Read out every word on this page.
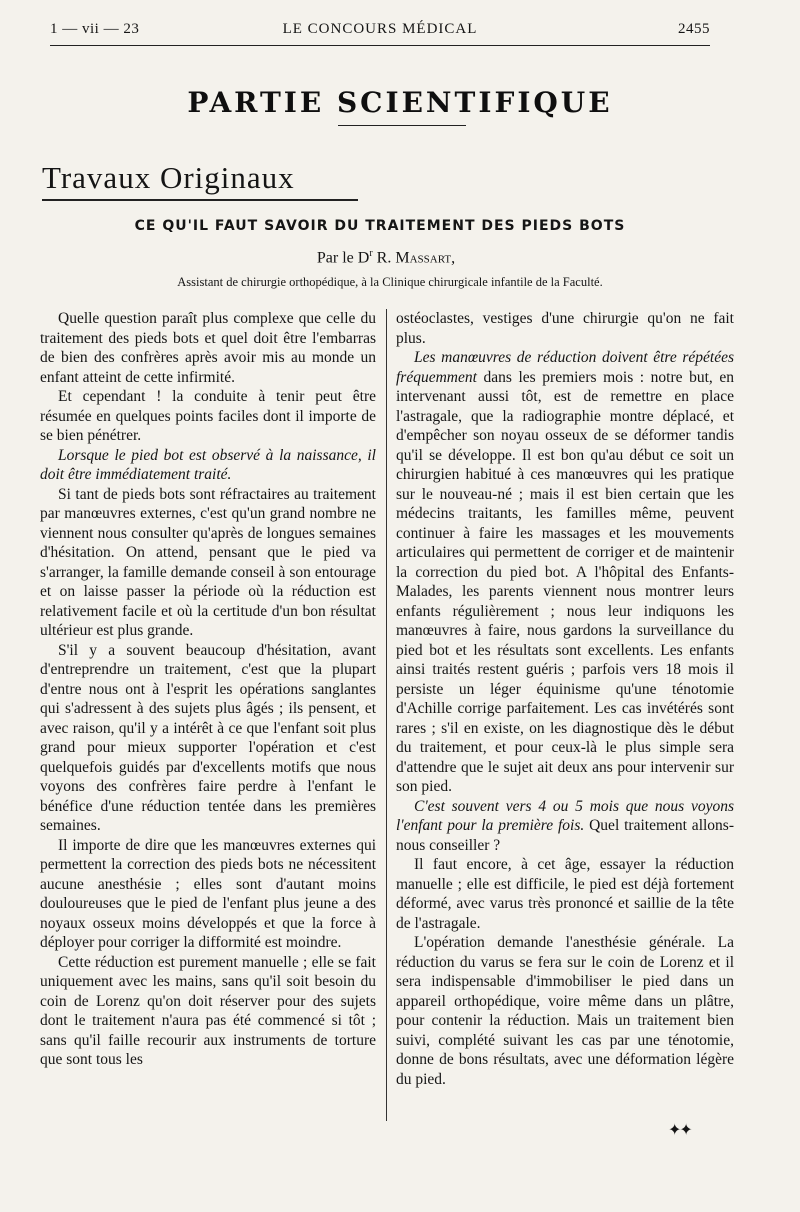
1 — vii — 23	LE CONCOURS MÉDICAL	2455
PARTIE SCIENTIFIQUE
Travaux Originaux
CE QU'IL FAUT SAVOIR DU TRAITEMENT DES PIEDS BOTS
Par le $D^r$ R. Massart,
Assistant de chirurgie orthopédique, à la Clinique chirurgicale infantile de la Faculté.

Quelle question paraît plus complexe que celle du traitement des pieds bots et quel doit être l'embarras de bien des confrères après avoir mis au monde un enfant atteint de cette infirmité.

Et cependant ! la conduite à tenir peut être résumée en quelques points faciles dont il importe de se bien pénétrer.

Lorsque le pied bot est observé à la naissance, il doit être immédiatement traité.

Si tant de pieds bots sont réfractaires au traitement par manœuvres externes, c'est qu'un grand nombre ne viennent nous consulter qu'après de longues semaines d'hésitation. On attend, pensant que le pied va s'arranger, la famille demande conseil à son entourage et on laisse passer la période où la réduction est relativement facile et où la certitude d'un bon résultat ultérieur est plus grande.

S'il y a souvent beaucoup d'hésitation, avant d'entreprendre un traitement, c'est que la plupart d'entre nous ont à l'esprit les opérations sanglantes qui s'adressent à des sujets plus âgés ; ils pensent, et avec raison, qu'il y a intérêt à ce que l'enfant soit plus grand pour mieux supporter l'opération et c'est quelquefois guidés par d'excellents motifs que nous voyons des confrères faire perdre à l'enfant le bénéfice d'une réduction tentée dans les premières semaines.

Il importe de dire que les manœuvres externes qui permettent la correction des pieds bots ne nécessitent aucune anesthésie ; elles sont d'autant moins douloureuses que le pied de l'enfant plus jeune a des noyaux osseux moins développés et que la force à déployer pour corriger la difformité est moindre.

Cette réduction est purement manuelle ; elle se fait uniquement avec les mains, sans qu'il soit besoin du coin de Lorenz qu'on doit réserver pour des sujets dont le traitement n'aura pas été commencé si tôt ; sans qu'il faille recourir aux instruments de torture que sont tous les

ostéoclastes, vestiges d'une chirurgie qu'on ne fait plus.

Les manœuvres de réduction doivent être répétées fréquemment dans les premiers mois : notre but, en intervenant aussi tôt, est de remettre en place l'astragale, que la radiographie montre déplacé, et d'empêcher son noyau osseux de se déformer tandis qu'il se développe. Il est bon qu'au début ce soit un chirurgien habitué à ces manœuvres qui les pratique sur le nouveau-né ; mais il est bien certain que les médecins traitants, les familles même, peuvent continuer à faire les massages et les mouvements articulaires qui permettent de corriger et de maintenir la correction du pied bot. A l'hôpital des Enfants-Malades, les parents viennent nous montrer leurs enfants régulièrement ; nous leur indiquons les manœuvres à faire, nous gardons la surveillance du pied bot et les résultats sont excellents. Les enfants ainsi traités restent guéris ; parfois vers 18 mois il persiste un léger équinisme qu'une ténotomie d'Achille corrige parfaitement. Les cas invétérés sont rares ; s'il en existe, on les diagnostique dès le début du traitement, et pour ceux-là le plus simple sera d'attendre que le sujet ait deux ans pour intervenir sur son pied.

C'est souvent vers 4 ou 5 mois que nous voyons l'enfant pour la première fois. Quel traitement allons-nous conseiller ?

Il faut encore, à cet âge, essayer la réduction manuelle ; elle est difficile, le pied est déjà fortement déformé, avec varus très prononcé et saillie de la tête de l'astragale.

L'opération demande l'anesthésie générale. La réduction du varus se fera sur le coin de Lorenz et il sera indispensable d'immobiliser le pied dans un appareil orthopédique, voire même dans un plâtre, pour contenir la réduction. Mais un traitement bien suivi, complété suivant les cas par une ténotomie, donne de bons résultats, avec une déformation légère du pied.

✦✦
